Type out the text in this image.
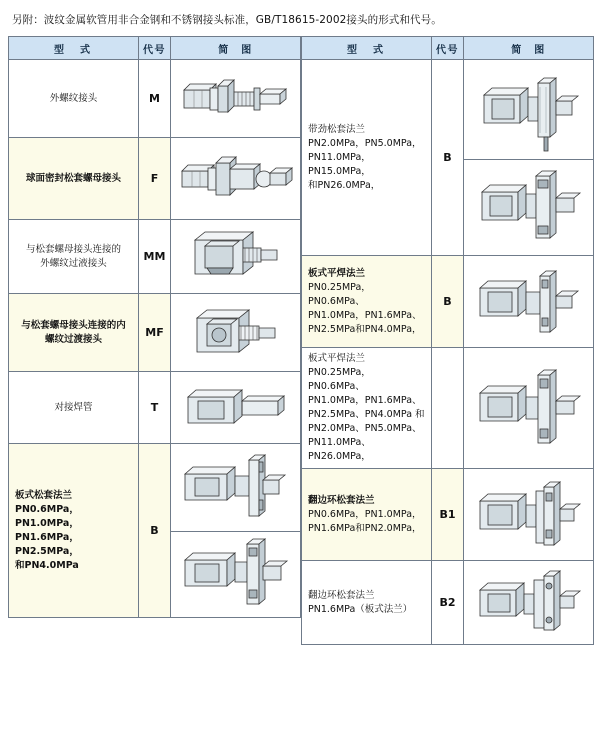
另附：波纹金属软管用非合金钢和不锈钢接头标准，GB/T18615-2002接头的形式和代号。
型　式	代号	简　图

外螺纹接头	M	

球面密封松套螺母接头	F	

与松套螺母接头连接的
外螺纹过液接头	MM	

与松套螺母接头连接的内
螺纹过渡接头	MF	

对接焊管	T	

板式松套法兰
PN0.6MPa，PN1.0MPa，
PN1.6MPa，PN2.5MPa，
和PN4.0MPa	B	

型　式	代号	简　图

带劲松套法兰
PN2.0MPa，PN5.0MPa，
PN11.0MPa，PN15.0MPa，
和PN26.0MPa，	B	

板式平焊法兰
PN0.25MPa，PN0.6MPa、
PN1.0MPa，PN1.6MPa、
PN2.5MPa和PN4.0MPa，	B	

板式平焊法兰
PN0.25MPa，PN0.6MPa、
PN1.0MPa，PN1.6MPa、
PN2.5MPa、PN4.0MPa 和
PN2.0MPa、PN5.0MPa、
PN11.0MPa、PN26.0MPa，

翻边环松套法兰
PN0.6MPa，PN1.0MPa，
PN1.6MPa和PN2.0MPa，	B1	

翻边环松套法兰
PN1.6MPa（板式法兰）	B2	
